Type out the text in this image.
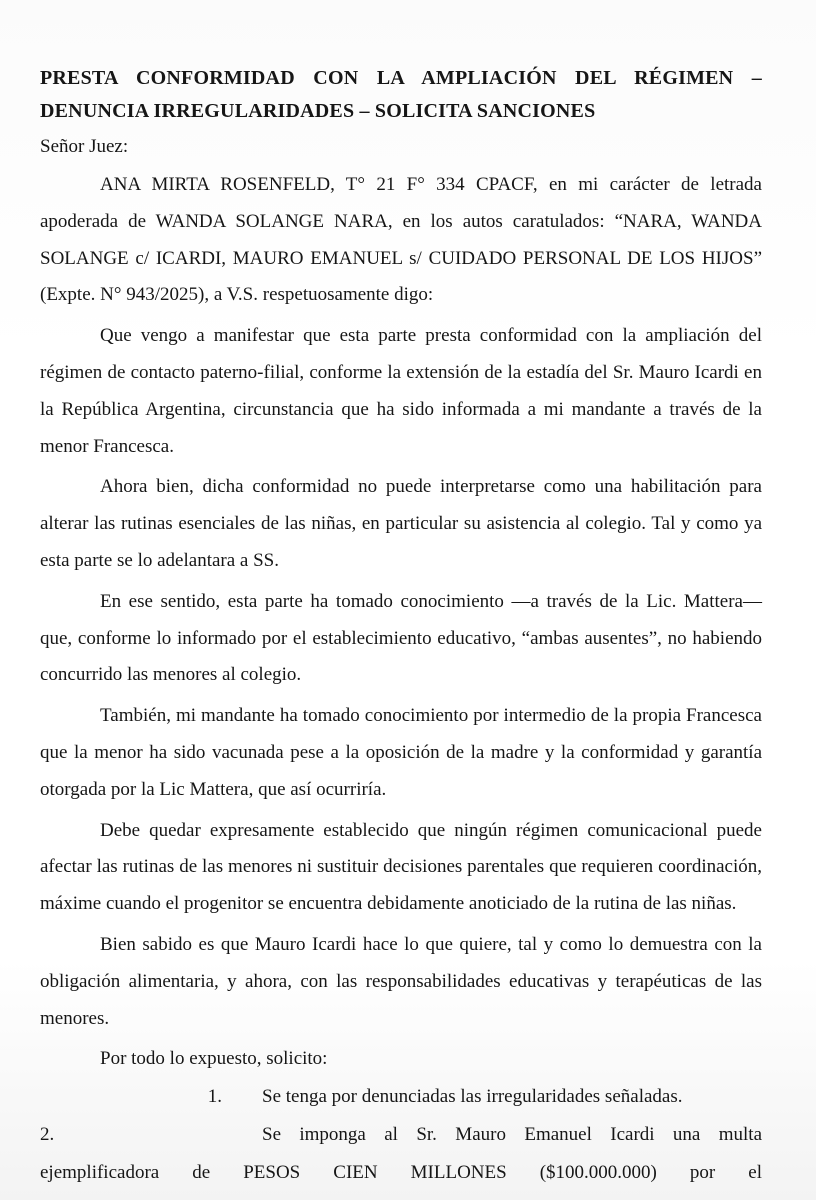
PRESTA CONFORMIDAD CON LA AMPLIACIÓN DEL RÉGIMEN –
DENUNCIA IRREGULARIDADES – SOLICITA SANCIONES

Señor Juez:

ANA MIRTA ROSENFELD, T° 21 F° 334 CPACF, en mi carácter de letrada apoderada de WANDA SOLANGE NARA, en los autos caratulados: “NARA, WANDA SOLANGE c/ ICARDI, MAURO EMANUEL s/ CUIDADO PERSONAL DE LOS HIJOS” (Expte. N° 943/2025), a V.S. respetuosamente digo:

Que vengo a manifestar que esta parte presta conformidad con la ampliación del régimen de contacto paterno-filial, conforme la extensión de la estadía del Sr. Mauro Icardi en la República Argentina, circunstancia que ha sido informada a mi mandante a través de la menor Francesca.

Ahora bien, dicha conformidad no puede interpretarse como una habilitación para alterar las rutinas esenciales de las niñas, en particular su asistencia al colegio. Tal y como ya esta parte se lo adelantara a SS.

En ese sentido, esta parte ha tomado conocimiento —a través de la Lic. Mattera— que, conforme lo informado por el establecimiento educativo, “ambas ausentes”, no habiendo concurrido las menores al colegio.

También, mi mandante ha tomado conocimiento por intermedio de la propia Francesca que la menor ha sido vacunada pese a la oposición de la madre y la conformidad y garantía otorgada por la Lic Mattera, que así ocurriría.

Debe quedar expresamente establecido que ningún régimen comunicacional puede afectar las rutinas de las menores ni sustituir decisiones parentales que requieren coordinación, máxime cuando el progenitor se encuentra debidamente anoticiado de la rutina de las niñas.

Bien sabido es que Mauro Icardi hace lo que quiere, tal y como lo demuestra con la obligación alimentaria, y ahora, con las responsabilidades educativas y terapéuticas de las menores.

Por todo lo expuesto, solicito:

1. Se tenga por denunciadas las irregularidades señaladas.
2.	Se imponga al Sr. Mauro Emanuel Icardi una multa
ejemplificadora de PESOS CIEN MILLONES ($100.000.000) por el
